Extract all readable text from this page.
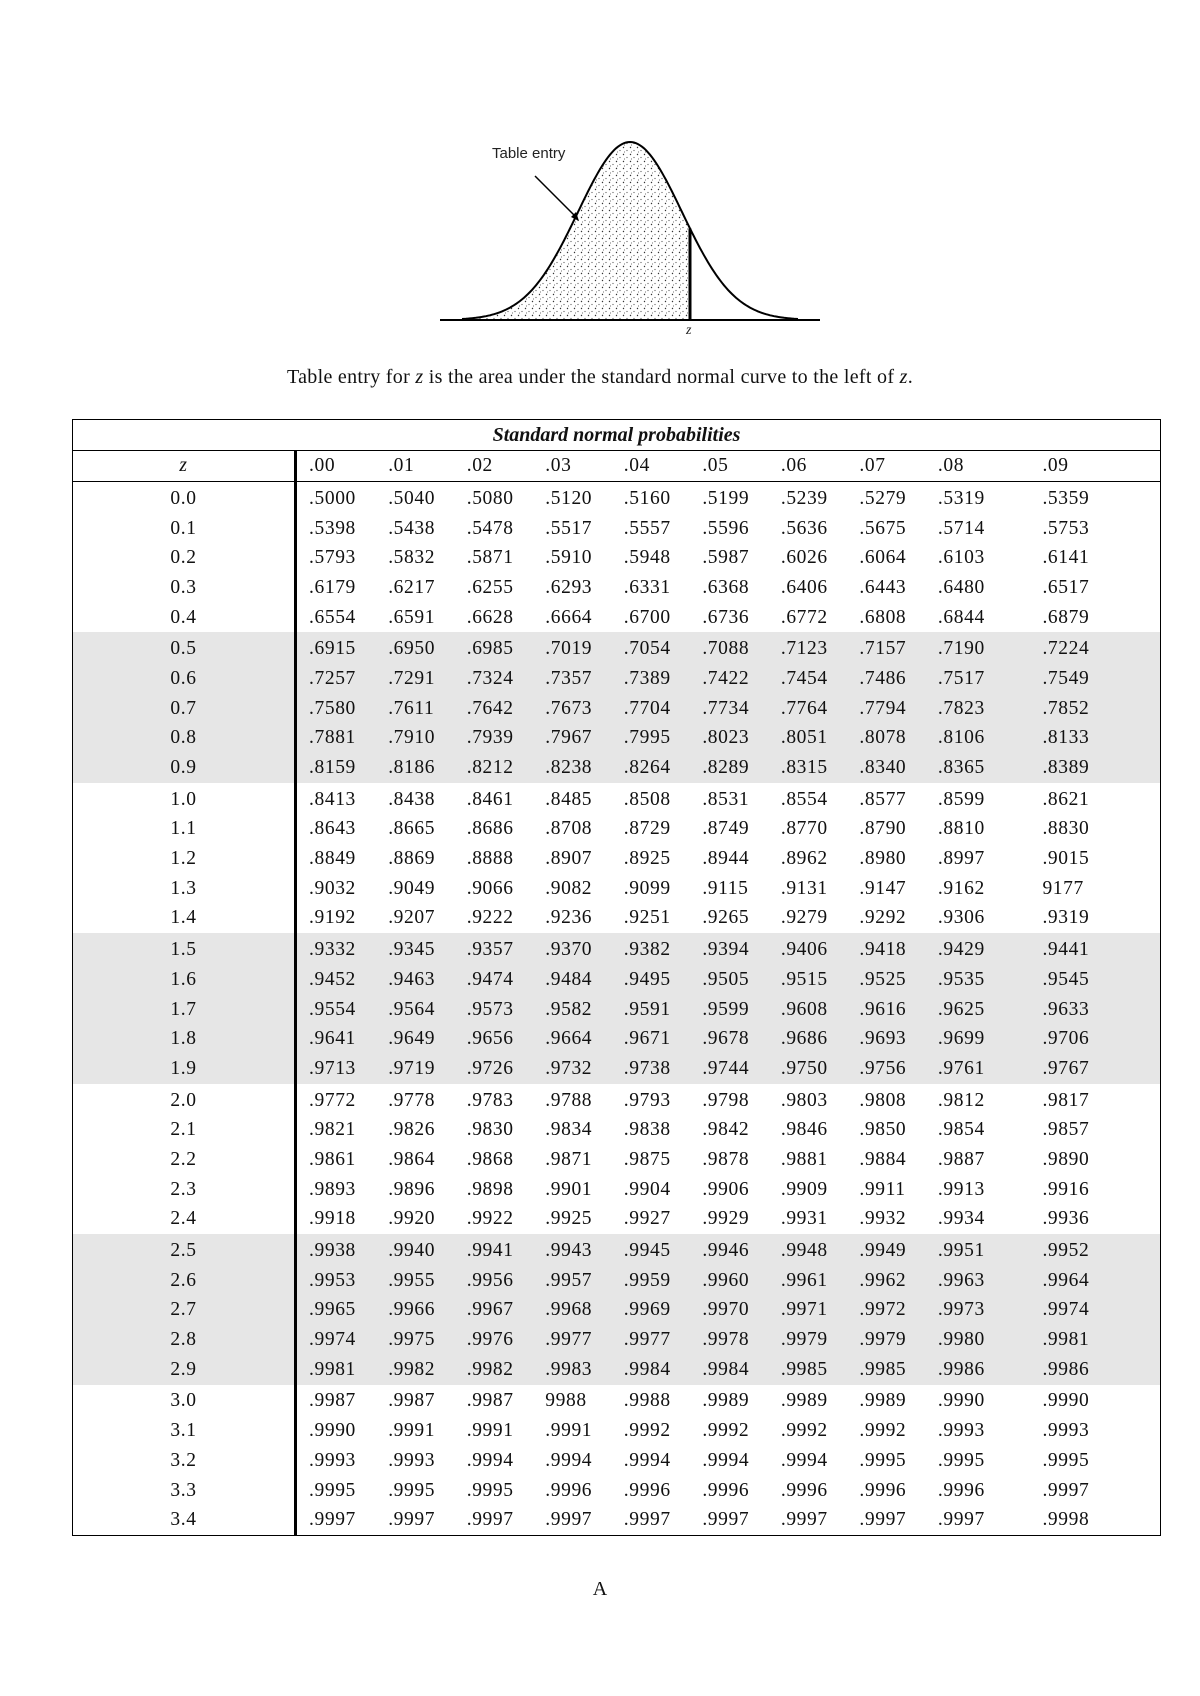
Table entry
z
Table entry for z is the area under the standard normal curve to the left of z.
Standard normal probabilities										
z	.00	.01	.02	.03	.04	.05	.06	.07	.08	.09
0.0	.5000	.5040	.5080	.5120	.5160	.5199	.5239	.5279	.5319	.5359
0.1	.5398	.5438	.5478	.5517	.5557	.5596	.5636	.5675	.5714	.5753
0.2	.5793	.5832	.5871	.5910	.5948	.5987	.6026	.6064	.6103	.6141
0.3	.6179	.6217	.6255	.6293	.6331	.6368	.6406	.6443	.6480	.6517
0.4	.6554	.6591	.6628	.6664	.6700	.6736	.6772	.6808	.6844	.6879
0.5	.6915	.6950	.6985	.7019	.7054	.7088	.7123	.7157	.7190	.7224
0.6	.7257	.7291	.7324	.7357	.7389	.7422	.7454	.7486	.7517	.7549
0.7	.7580	.7611	.7642	.7673	.7704	.7734	.7764	.7794	.7823	.7852
0.8	.7881	.7910	.7939	.7967	.7995	.8023	.8051	.8078	.8106	.8133
0.9	.8159	.8186	.8212	.8238	.8264	.8289	.8315	.8340	.8365	.8389
1.0	.8413	.8438	.8461	.8485	.8508	.8531	.8554	.8577	.8599	.8621
1.1	.8643	.8665	.8686	.8708	.8729	.8749	.8770	.8790	.8810	.8830
1.2	.8849	.8869	.8888	.8907	.8925	.8944	.8962	.8980	.8997	.9015
1.3	.9032	.9049	.9066	.9082	.9099	.9115	.9131	.9147	.9162	9177
1.4	.9192	.9207	.9222	.9236	.9251	.9265	.9279	.9292	.9306	.9319
1.5	.9332	.9345	.9357	.9370	.9382	.9394	.9406	.9418	.9429	.9441
1.6	.9452	.9463	.9474	.9484	.9495	.9505	.9515	.9525	.9535	.9545
1.7	.9554	.9564	.9573	.9582	.9591	.9599	.9608	.9616	.9625	.9633
1.8	.9641	.9649	.9656	.9664	.9671	.9678	.9686	.9693	.9699	.9706
1.9	.9713	.9719	.9726	.9732	.9738	.9744	.9750	.9756	.9761	.9767
2.0	.9772	.9778	.9783	.9788	.9793	.9798	.9803	.9808	.9812	.9817
2.1	.9821	.9826	.9830	.9834	.9838	.9842	.9846	.9850	.9854	.9857
2.2	.9861	.9864	.9868	.9871	.9875	.9878	.9881	.9884	.9887	.9890
2.3	.9893	.9896	.9898	.9901	.9904	.9906	.9909	.9911	.9913	.9916
2.4	.9918	.9920	.9922	.9925	.9927	.9929	.9931	.9932	.9934	.9936
2.5	.9938	.9940	.9941	.9943	.9945	.9946	.9948	.9949	.9951	.9952
2.6	.9953	.9955	.9956	.9957	.9959	.9960	.9961	.9962	.9963	.9964
2.7	.9965	.9966	.9967	.9968	.9969	.9970	.9971	.9972	.9973	.9974
2.8	.9974	.9975	.9976	.9977	.9977	.9978	.9979	.9979	.9980	.9981
2.9	.9981	.9982	.9982	.9983	.9984	.9984	.9985	.9985	.9986	.9986
3.0	.9987	.9987	.9987	9988	.9988	.9989	.9989	.9989	.9990	.9990
3.1	.9990	.9991	.9991	.9991	.9992	.9992	.9992	.9992	.9993	.9993
3.2	.9993	.9993	.9994	.9994	.9994	.9994	.9994	.9995	.9995	.9995
3.3	.9995	.9995	.9995	.9996	.9996	.9996	.9996	.9996	.9996	.9997
3.4	.9997	.9997	.9997	.9997	.9997	.9997	.9997	.9997	.9997	.9998
A
